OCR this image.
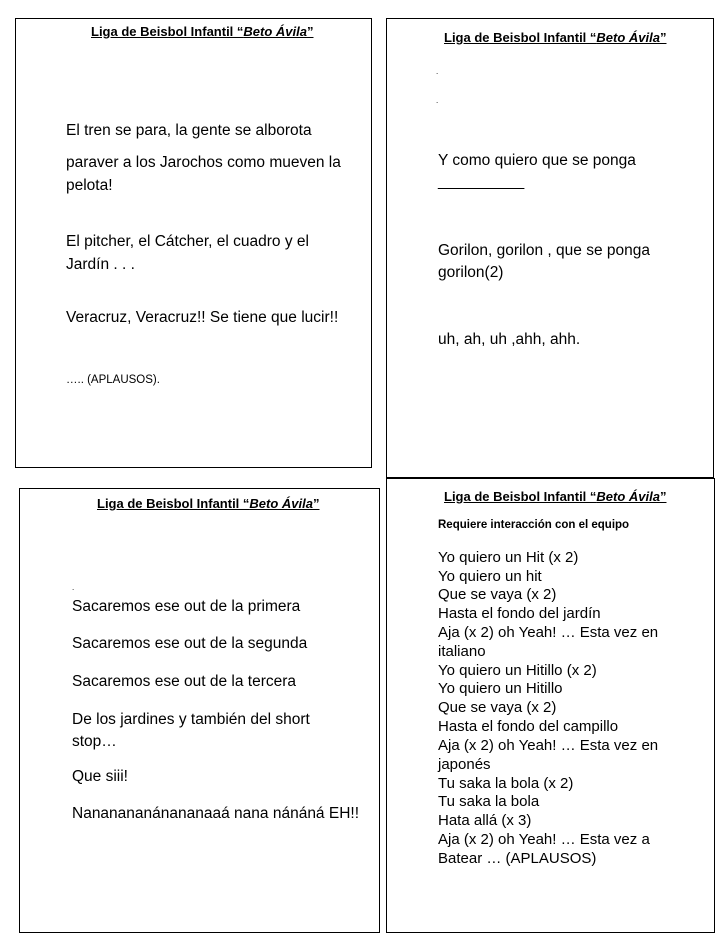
Liga de Beisbol Infantil “Beto Ávila”
El tren se para, la gente se alborota
paraver a los Jarochos como mueven la
pelota!
El pitcher, el Cátcher, el cuadro y el
Jardín . . .
Veracruz, Veracruz!! Se tiene que lucir!!
….. (APLAUSOS).
Liga de Beisbol Infantil “Beto Ávila”
.
.
Y como quiero que se ponga
__________
Gorilon, gorilon , que se ponga
gorilon(2)
uh, ah, uh ,ahh, ahh.
Liga de Beisbol Infantil “Beto Ávila”
.
Sacaremos ese out de la primera
Sacaremos ese out de la segunda
Sacaremos ese out de la tercera
De los jardines y también del short
stop…
Que siii!
Nananananánananaaá nana nánáná EH!!
Liga de Beisbol Infantil “Beto Ávila”
Requiere interacción con el equipo
Yo quiero un Hit (x 2)
Yo quiero un hit
Que se vaya (x 2)
Hasta el fondo del jardín
Aja (x 2) oh Yeah! … Esta vez en
italiano
Yo quiero un Hitillo (x 2)
Yo quiero un Hitillo
Que se vaya (x 2)
Hasta el fondo del campillo
Aja (x 2) oh Yeah! … Esta vez en
japonés
Tu saka la bola (x 2)
Tu saka la bola
Hata allá (x 3)
Aja (x 2) oh Yeah! … Esta vez a
Batear … (APLAUSOS)
